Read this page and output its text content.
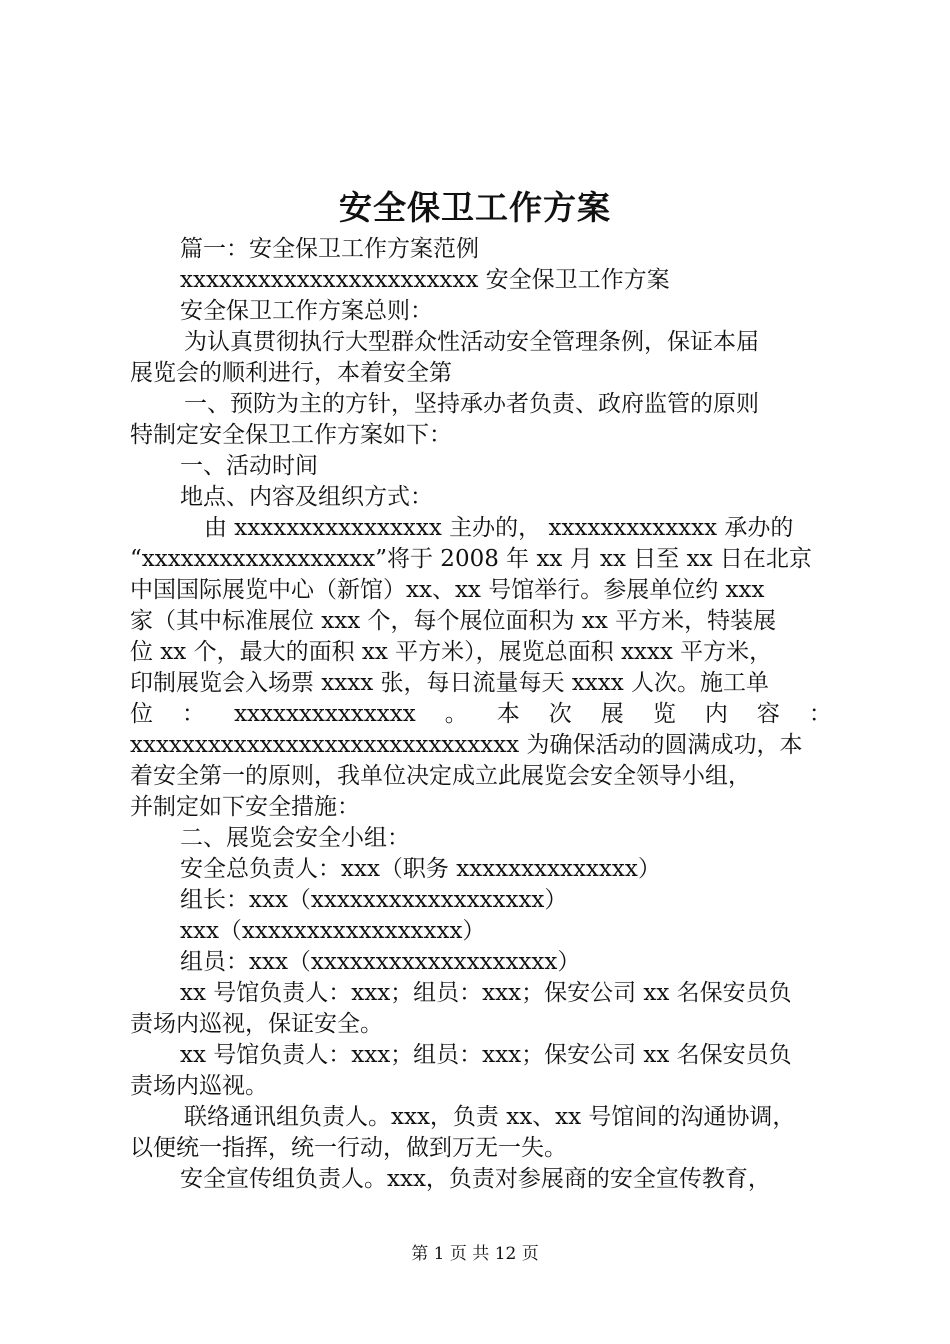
安全保卫工作方案
篇一：安全保卫工作方案范例
xxxxxxxxxxxxxxxxxxxxxxx 安全保卫工作方案
安全保卫工作方案总则：
为认真贯彻执行大型群众性活动安全管理条例，保证本届
展览会的顺利进行，本着安全第
一、预防为主的方针，坚持承办者负责、政府监管的原则
特制定安全保卫工作方案如下：
一、活动时间
地点、内容及组织方式：
由 xxxxxxxxxxxxxxxx 主办的， xxxxxxxxxxxxx 承办的
“xxxxxxxxxxxxxxxxxx”将于 2008 年 xx 月 xx 日至 xx 日在北京
中国国际展览中心（新馆）xx、xx 号馆举行。参展单位约 xxx
家（其中标准展位 xxx 个，每个展位面积为 xx 平方米，特装展
位 xx 个，最大的面积 xx 平方米），展览总面积 xxxx 平方米，
印制展览会入场票 xxxx 张，每日流量每天 xxxx 人次。施工单
位 ： xxxxxxxxxxxxxx 。 本 次 展 览 内 容 ：
xxxxxxxxxxxxxxxxxxxxxxxxxxxxxx 为确保活动的圆满成功，本
着安全第一的原则，我单位决定成立此展览会安全领导小组，
并制定如下安全措施：
二、展览会安全小组：
安全总负责人：xxx（职务 xxxxxxxxxxxxxx）
组长：xxx（xxxxxxxxxxxxxxxxxx）
xxx（xxxxxxxxxxxxxxxxx）
组员：xxx（xxxxxxxxxxxxxxxxxxx）
xx 号馆负责人：xxx；组员：xxx；保安公司 xx 名保安员负
责场内巡视，保证安全。
xx 号馆负责人：xxx；组员：xxx；保安公司 xx 名保安员负
责场内巡视。
联络通讯组负责人。xxx，负责 xx、xx 号馆间的沟通协调，
以便统一指挥，统一行动，做到万无一失。
安全宣传组负责人。xxx，负责对参展商的安全宣传教育，
第 1 页 共 12 页
